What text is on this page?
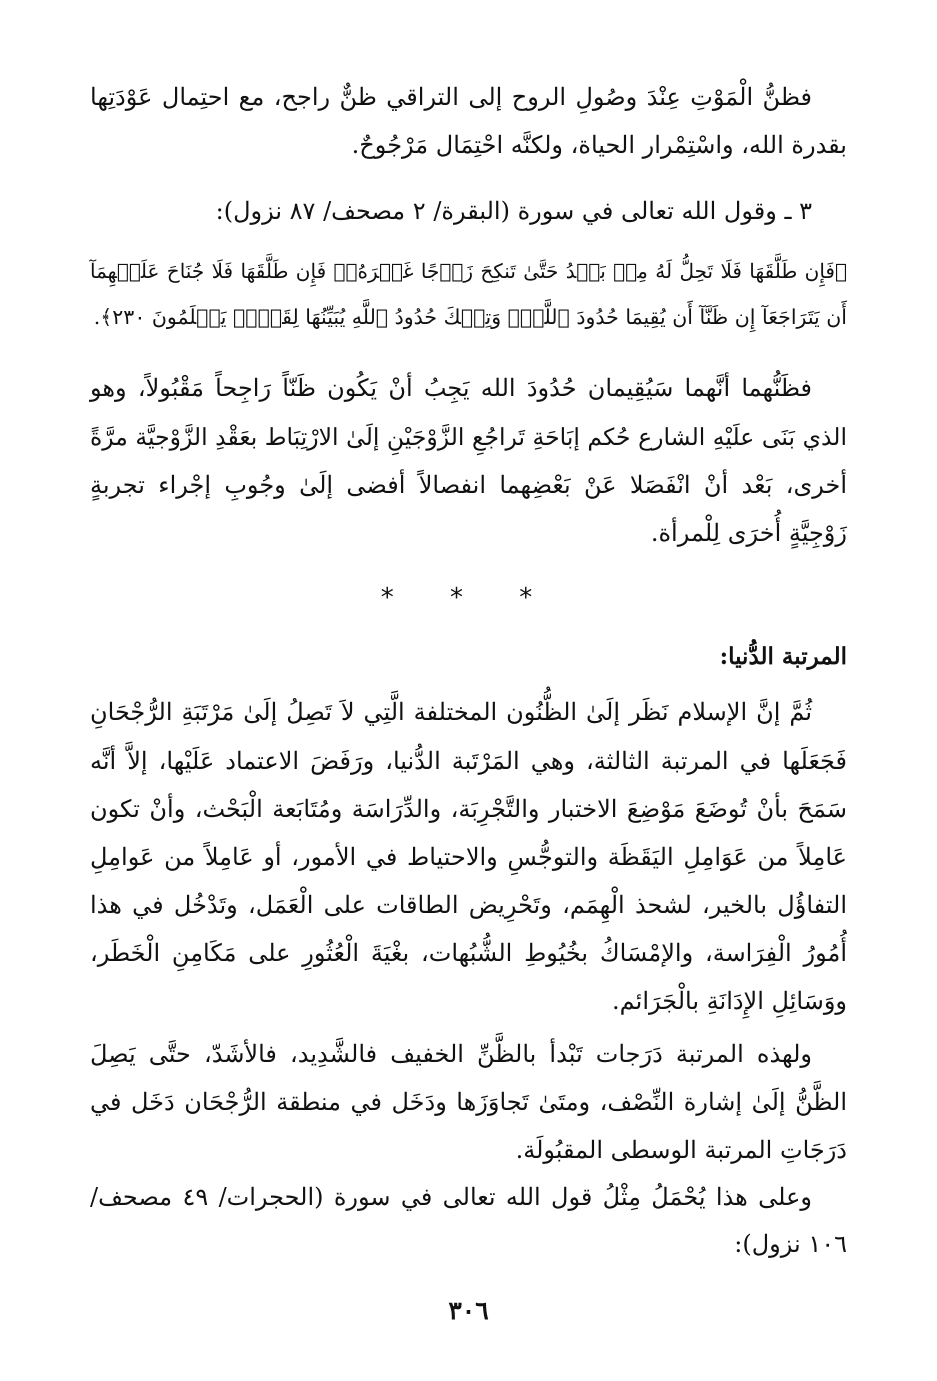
فظنُّ الْمَوْتِ عِنْدَ وصُولِ الروح إلى التراقي ظنٌّ راجح، مع احتِمال عَوْدَتِها
بقدرة الله، واسْتِمْرار الحياة، ولكنَّه احْتِمَال مَرْجُوحٌ.
٣ ـ وقول الله تعالى في سورة (البقرة/ ٢ مصحف/ ٨٧ نزول):
﴿فَإِن طَلَّقَهَا فَلَا تَحِلُّ لَهُ مِنۢ بَعۡدُ حَتَّىٰ تَنكِحَ زَوۡجًا غَيۡرَهُۥۗ فَإِن طَلَّقَهَا فَلَا جُنَاحَ عَلَيۡهِمَآ
أَن يَتَرَاجَعَآ إِن ظَنَّآ أَن يُقِيمَا حُدُودَ ٱللَّهِۗ وَتِلۡكَ حُدُودُ ٱللَّهِ يُبَيِّنُهَا لِقَوۡمٖ يَعۡلَمُونَ ٢٣٠﴾.
فظَنُّهما أنَّهما سَيُقِيمان حُدُودَ الله يَجِبُ أنْ يَكُون ظَنّاً رَاجِحاً مَقْبُولاً، وهو
الذي بَنَى علَيْهِ الشارع حُكم إبَاحَةِ تَراجُعِ الزَّوْجَيْنِ إلَىٰ الارْتِبَاط بعَقْدِ الزَّوْجيَّة مرَّةً
أخرى، بَعْد أنْ انْفَصَلا عَنْ بَعْضِهما انفصالاً أفضى إلَىٰ وجُوبِ إجْراء تجربةٍ
زَوْجِيَّةٍ أُخرَى لِلْمرأة.
* * *
المرتبة الدُّنيا:
ثُمَّ إنَّ الإسلام نَظَر إلَىٰ الظُّنُون المختلفة الَّتِي لاَ تَصِلُ إلَىٰ مَرْتَبَةِ الرُّجْحَانِ
فَجَعَلَها في المرتبة الثالثة، وهي المَرْتَبة الدُّنيا، ورَفَضَ الاعتماد عَلَيْها، إلاَّ أنَّه
سَمَحَ بأنْ تُوضَعَ مَوْضِعَ الاختبار والتَّجْرِبَة، والدِّرَاسَة ومُتَابَعة الْبَحْث، وأنْ تكون
عَامِلاً من عَوَامِلِ اليَقَظَة والتوجُّسِ والاحتياط في الأمور، أو عَامِلاً من عَوامِلِ
التفاؤُل بالخير، لشحذ الْهِمَم، وتَحْرِيض الطاقات على الْعَمَل، وتَدْخُل في هذا
أُمُورُ الْفِرَاسة، والإمْسَاكُ بخُيُوطِ الشُّبُهات، بغْيَةَ الْعُثُورِ على مَكَامِنِ الْخَطَر،
ووَسَائِلِ الإِدَانَةِ بالْجَرَائم.
ولهذه المرتبة دَرَجات تَبْدأ بالظَّنِّ الخفيف فالشَّدِيد، فالأشَدّ، حتَّى يَصِلَ
الظَّنُّ إلَىٰ إشارة النِّصْف، ومتَىٰ تَجاوَزَها ودَخَل في منطقة الرُّجْحَان دَخَل في
دَرَجَاتِ المرتبة الوسطى المقبُولَة.
وعلى هذا يُحْمَلُ مِثْلُ قول الله تعالى في سورة (الحجرات/ ٤٩ مصحف/
١٠٦ نزول):
٣٠٦
